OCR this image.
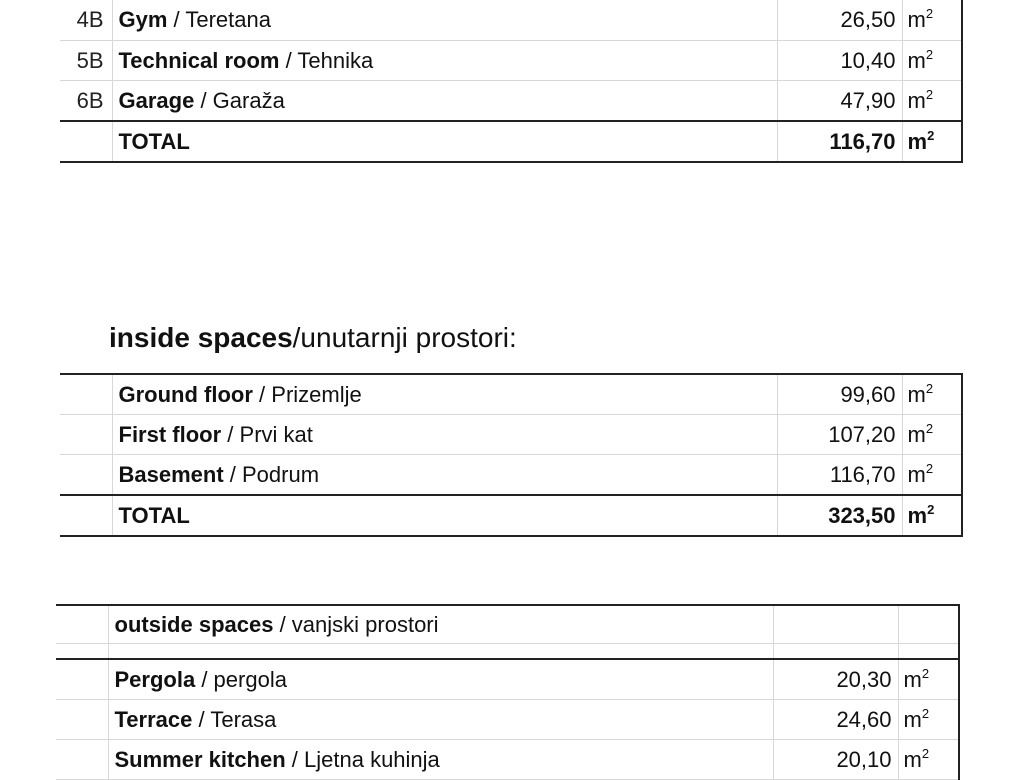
4B	Gym / Teretana	26,50	$m^2$
5B	Technical room / Tehnika	10,40	$m^2$
6B	Garage / Garaža	47,90	$m^2$
	TOTAL	116,70	$m^2$
inside spaces/unutarnji prostori:
	Ground floor / Prizemlje	99,60	$m^2$
	First floor / Prvi kat	107,20	$m^2$
	Basement / Podrum	116,70	$m^2$
	TOTAL	323,50	$m^2$
	outside spaces / vanjski prostori		

	Pergola / pergola	20,30	$m^2$
	Terrace / Terasa	24,60	$m^2$
	Summer kitchen / Ljetna kuhinja	20,10	$m^2$
